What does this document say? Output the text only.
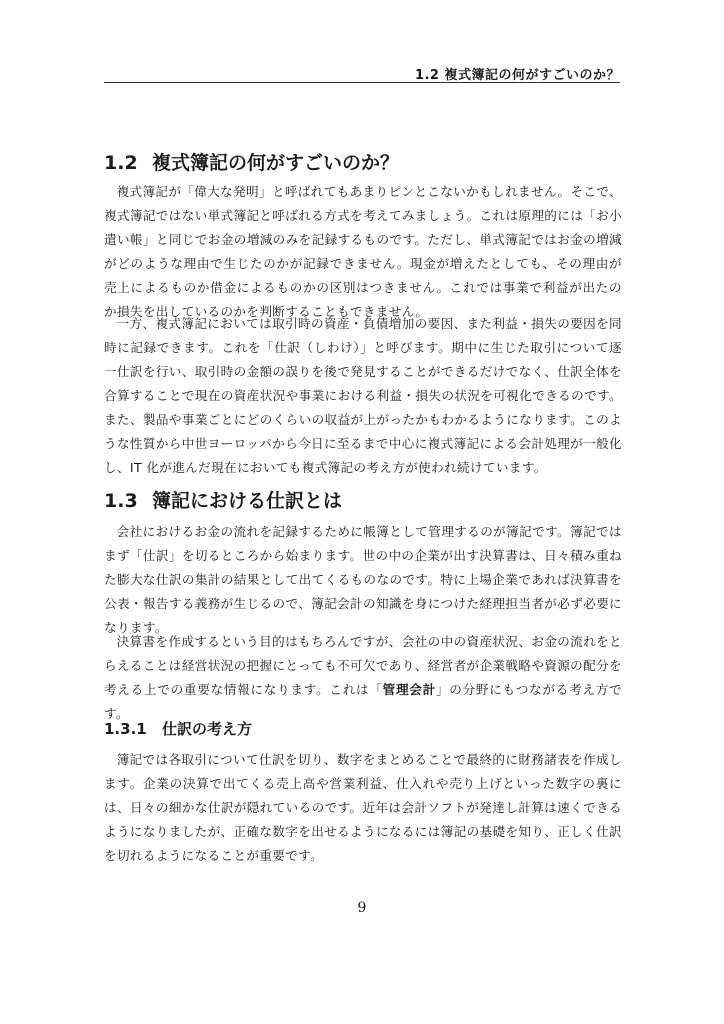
1.2 複式簿記の何がすごいのか？
1.2 複式簿記の何がすごいのか？

複式簿記が「偉大な発明」と呼ばれてもあまりピンとこないかもしれません。そこで、複式簿記ではない単式簿記と呼ばれる方式を考えてみましょう。これは原理的には「お小遣い帳」と同じでお金の増減のみを記録するものです。ただし、単式簿記ではお金の増減がどのような理由で生じたのかが記録できません。現金が増えたとしても、その理由が売上によるものか借金によるものかの区別はつきません。これでは事業で利益が出たのか損失を出しているのかを判断することもできません。

一方、複式簿記においては取引時の資産・負債増加の要因、また利益・損失の要因を同時に記録できます。これを「仕訳（しわけ）」と呼びます。期中に生じた取引について逐一仕訳を行い、取引時の金額の誤りを後で発見することができるだけでなく、仕訳全体を合算することで現在の資産状況や事業における利益・損失の状況を可視化できるのです。また、製品や事業ごとにどのくらいの収益が上がったかもわかるようになります。このような性質から中世ヨーロッパから今日に至るまで中心に複式簿記による会計処理が一般化し、IT 化が進んだ現在においても複式簿記の考え方が使われ続けています。

1.3 簿記における仕訳とは

会社におけるお金の流れを記録するために帳簿として管理するのが簿記です。簿記ではまず「仕訳」を切るところから始まります。世の中の企業が出す決算書は、日々積み重ねた膨大な仕訳の集計の結果として出てくるものなのです。特に上場企業であれば決算書を公表・報告する義務が生じるので、簿記会計の知識を身につけた経理担当者が必ず必要になります。

決算書を作成するという目的はもちろんですが、会社の中の資産状況、お金の流れをとらえることは経営状況の把握にとっても不可欠であり、経営者が企業戦略や資源の配分を考える上での重要な情報になります。これは「管理会計」の分野にもつながる考え方です。

1.3.1 仕訳の考え方

簿記では各取引について仕訳を切り、数字をまとめることで最終的に財務諸表を作成します。企業の決算で出てくる売上高や営業利益、仕入れや売り上げといった数字の裏には、日々の細かな仕訳が隠れているのです。近年は会計ソフトが発達し計算は速くできるようになりましたが、正確な数字を出せるようになるには簿記の基礎を知り、正しく仕訳を切れるようになることが重要です。

9
